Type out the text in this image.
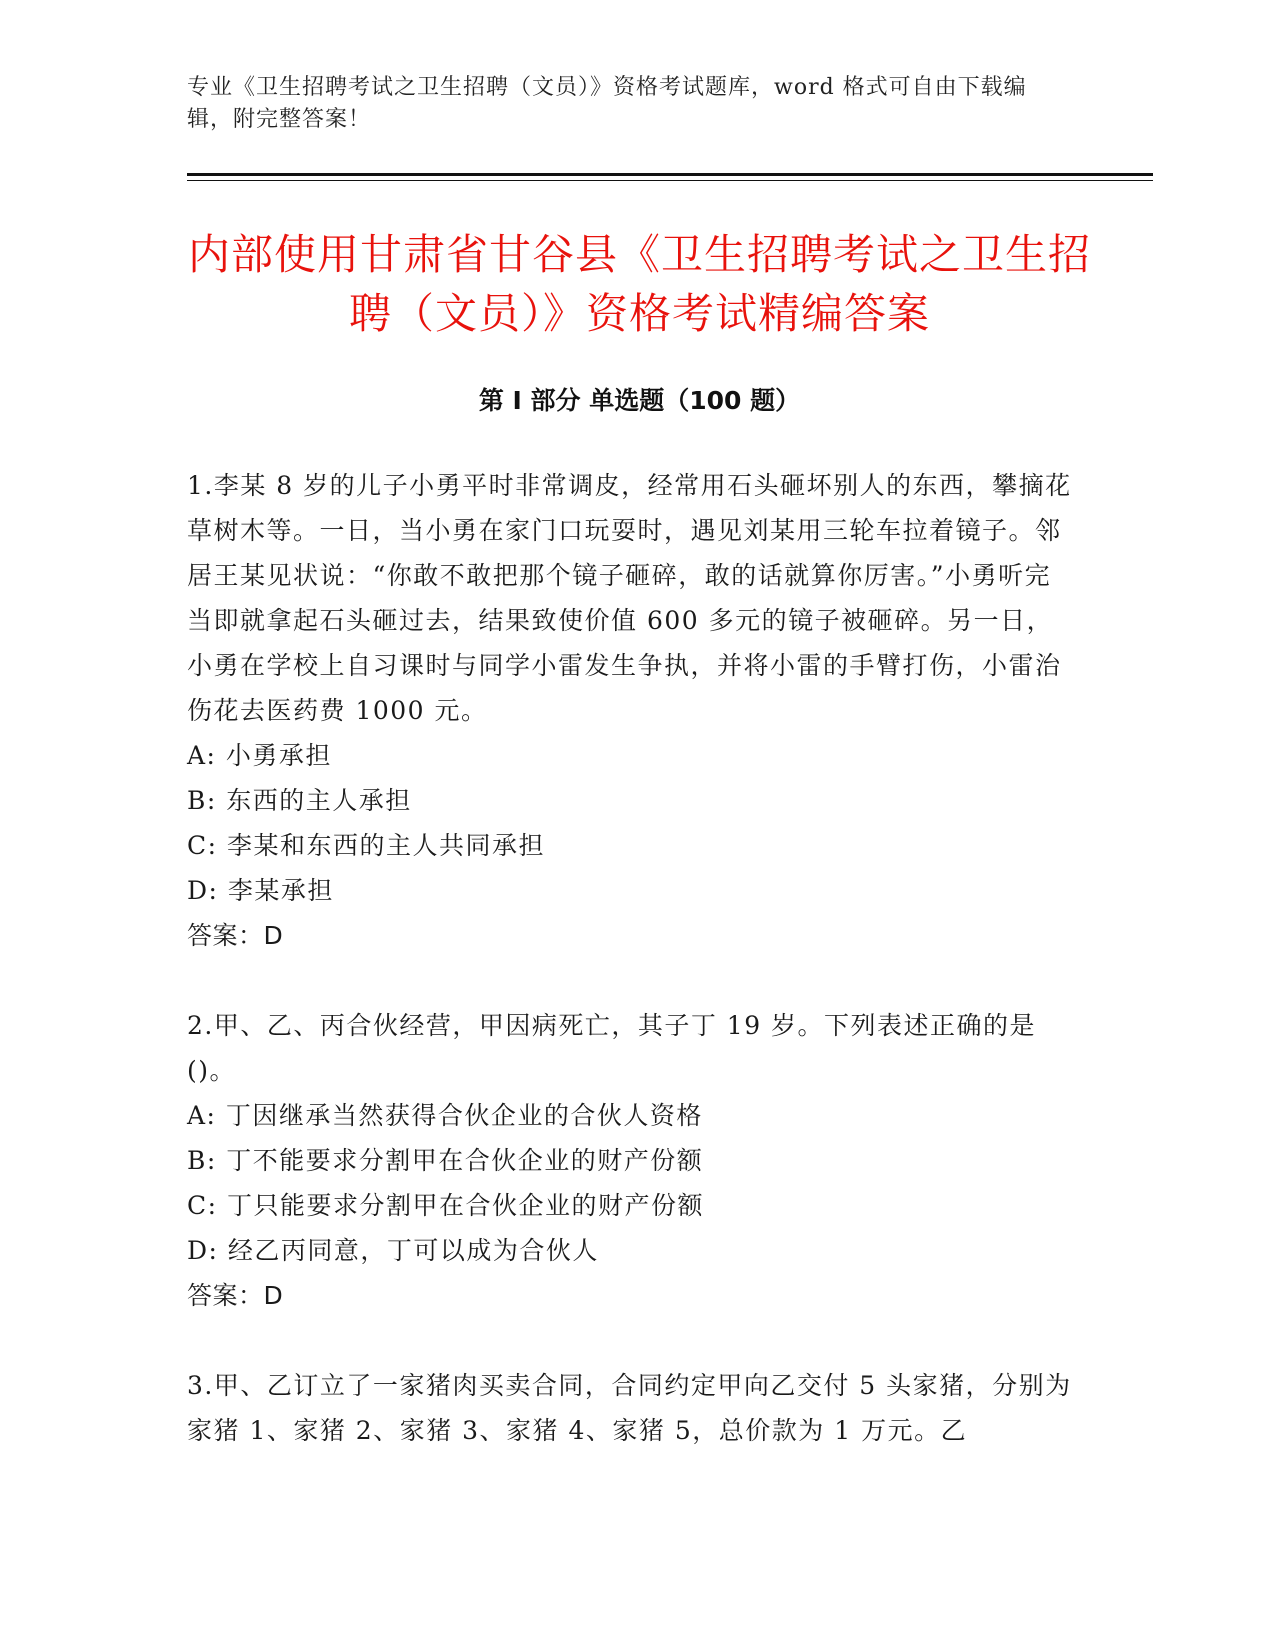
专业《卫生招聘考试之卫生招聘（文员）》资格考试题库，word 格式可自由下载编辑，附完整答案！
内部使用甘肃省甘谷县《卫生招聘考试之卫生招聘（文员）》资格考试精编答案
第 I 部分 单选题（100 题）

1.李某 8 岁的儿子小勇平时非常调皮，经常用石头砸坏别人的东西，攀摘花草树木等。一日，当小勇在家门口玩耍时，遇见刘某用三轮车拉着镜子。邻居王某见状说：“你敢不敢把那个镜子砸碎，敢的话就算你厉害。”小勇听完当即就拿起石头砸过去，结果致使价值 600 多元的镜子被砸碎。另一日，小勇在学校上自习课时与同学小雷发生争执，并将小雷的手臂打伤，小雷治伤花去医药费 1000 元。

A: 小勇承担

B: 东西的主人承担

C: 李某和东西的主人共同承担

D: 李某承担

答案：D

2.甲、乙、丙合伙经营，甲因病死亡，其子丁 19 岁。下列表述正确的是()。

A: 丁因继承当然获得合伙企业的合伙人资格

B: 丁不能要求分割甲在合伙企业的财产份额

C: 丁只能要求分割甲在合伙企业的财产份额

D: 经乙丙同意，丁可以成为合伙人

答案：D

3.甲、乙订立了一家猪肉买卖合同，合同约定甲向乙交付 5 头家猪，分别为家猪 1、家猪 2、家猪 3、家猪 4、家猪 5，总价款为 1 万元。乙
